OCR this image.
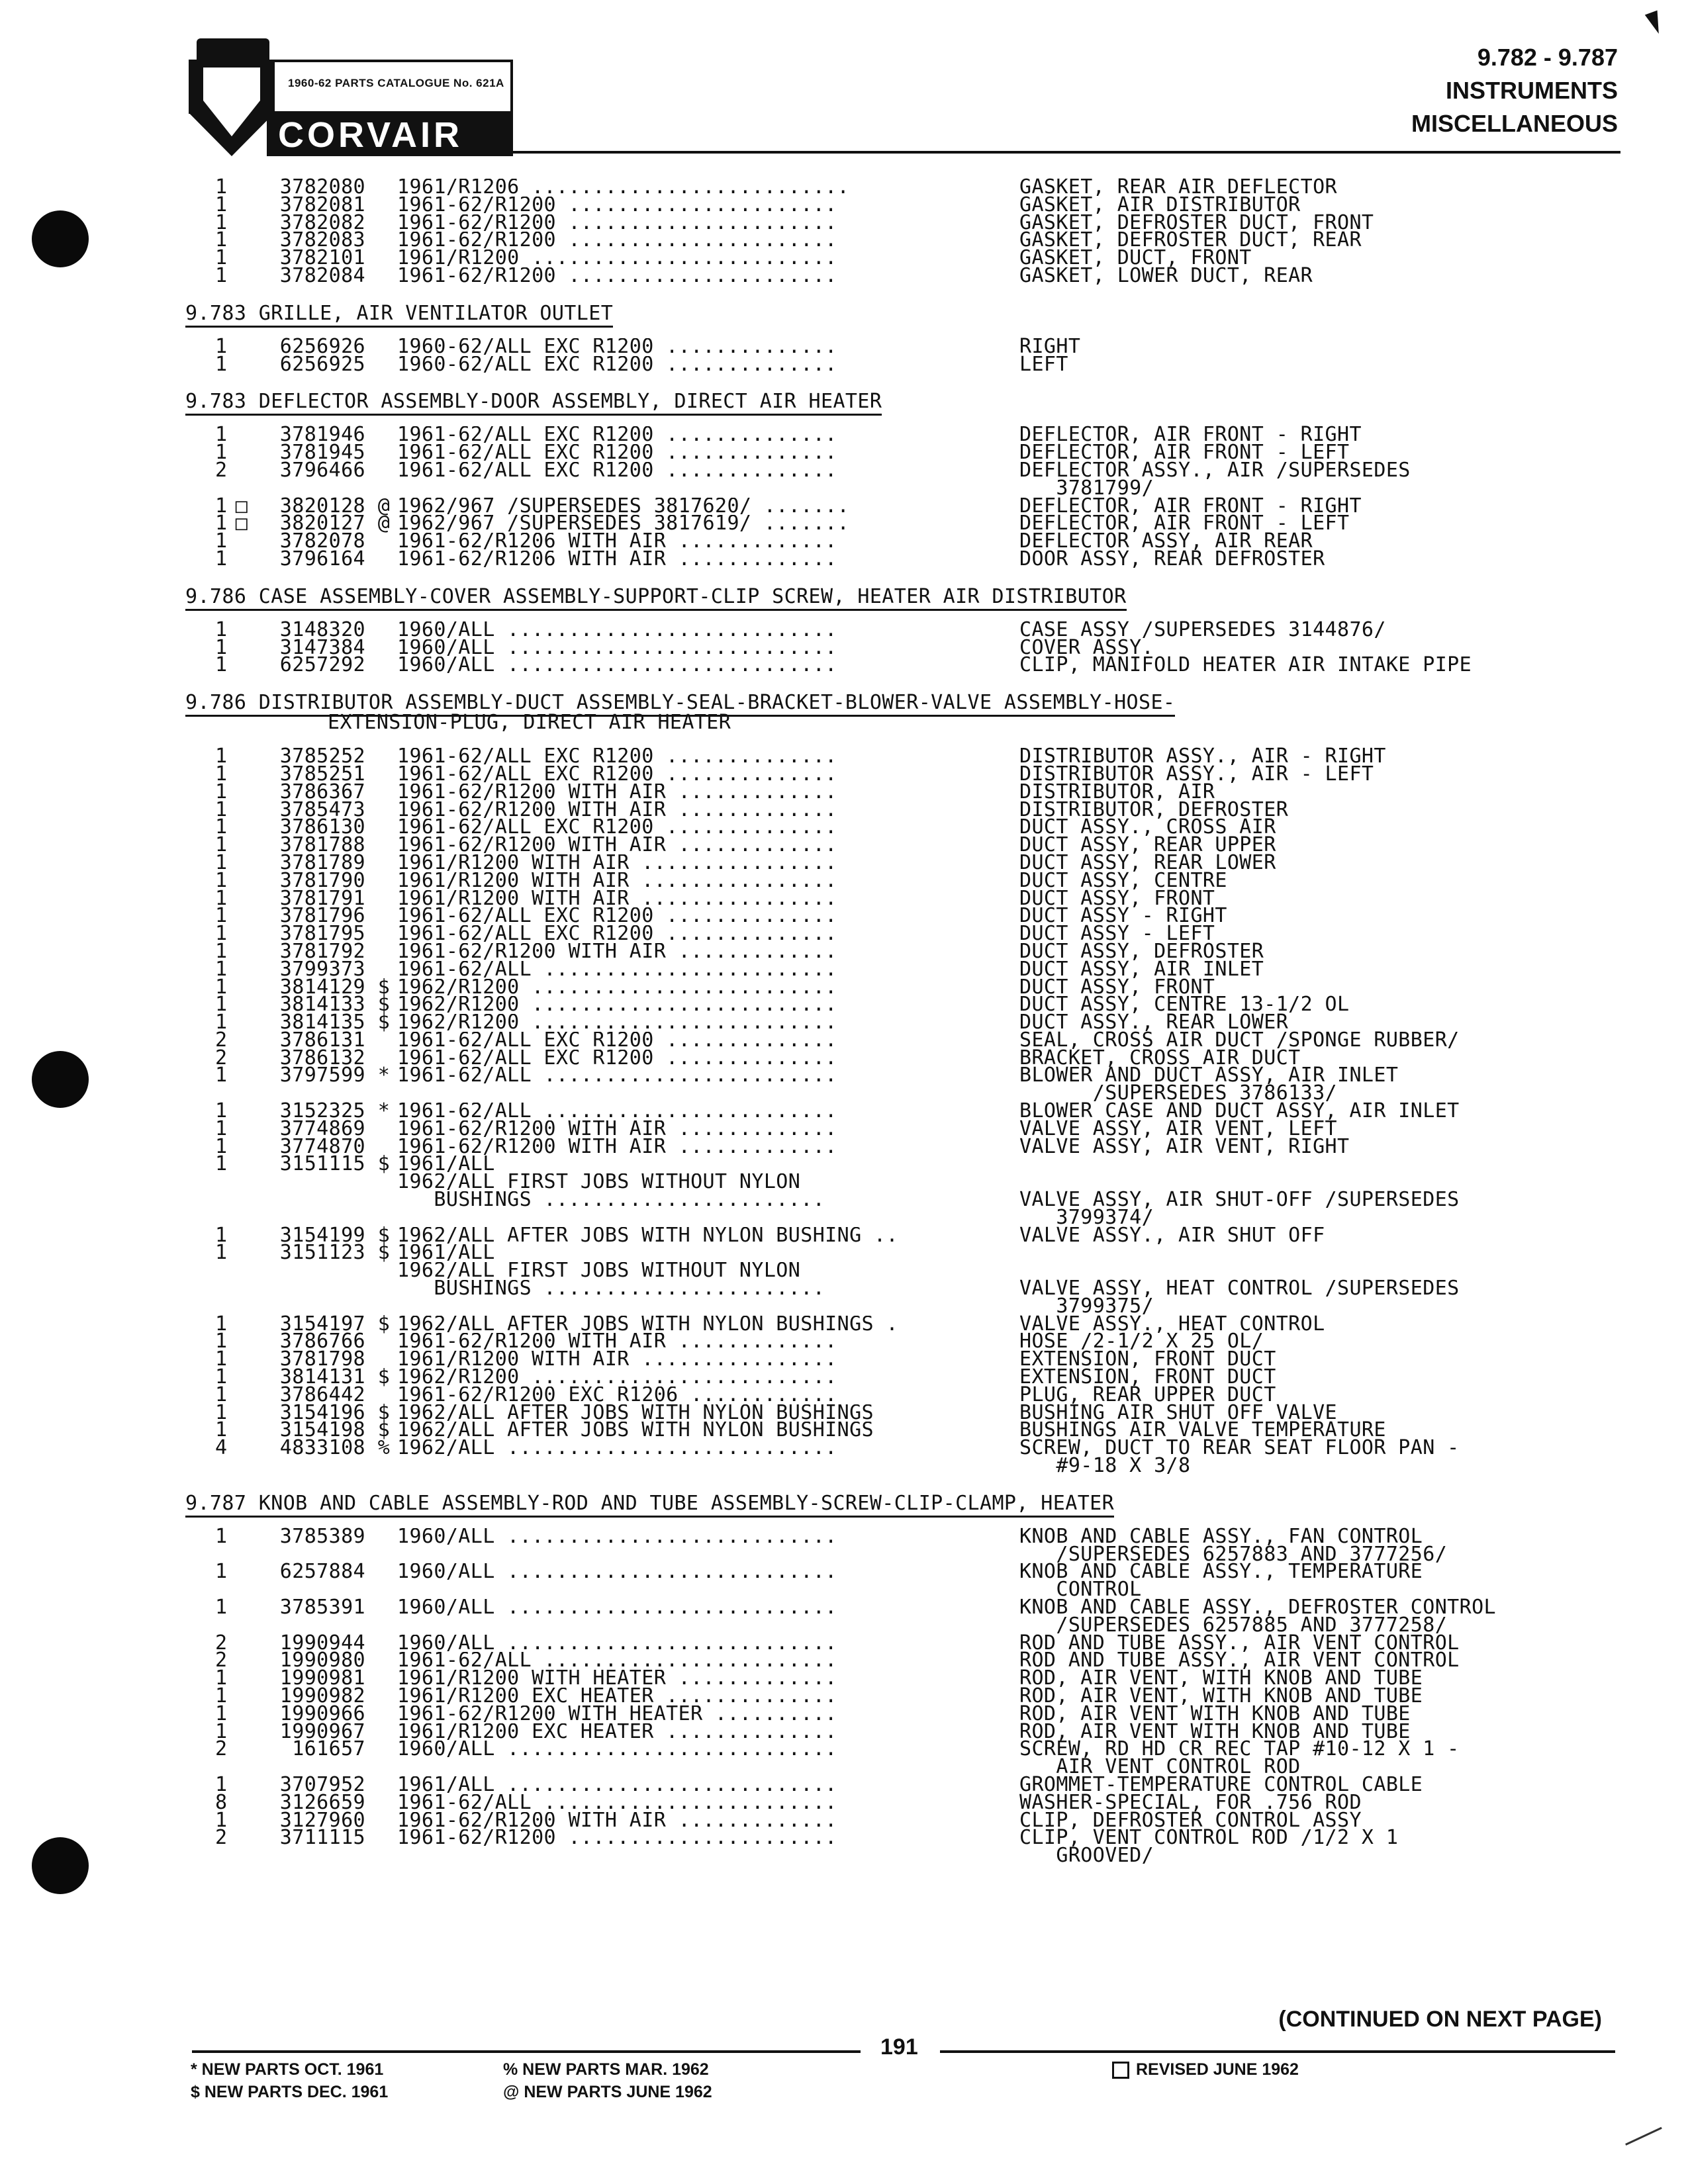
1960-62 PARTS CATALOGUE No. 621A
CORVAIR
9.782 - 9.787
INSTRUMENTS
MISCELLANEOUS
1	3782080 1961/R1206 ..........................	GASKET, REAR AIR DEFLECTOR
1	3782081 1961-62/R1200 ......................	GASKET, AIR DISTRIBUTOR
1	3782082 1961-62/R1200 ......................	GASKET, DEFROSTER DUCT, FRONT
1	3782083 1961-62/R1200 ......................	GASKET, DEFROSTER DUCT, REAR
1	3782101 1961/R1200 .........................	GASKET, DUCT, FRONT
1	3782084 1961-62/R1200 ......................	GASKET, LOWER DUCT, REAR
9.783 GRILLE, AIR VENTILATOR OUTLET
1	6256926 1960-62/ALL EXC R1200 ..............	RIGHT
1	6256925 1960-62/ALL EXC R1200 ..............	LEFT
9.783 DEFLECTOR ASSEMBLY-DOOR ASSEMBLY, DIRECT AIR HEATER
1	3781946 1961-62/ALL EXC R1200 ..............	DEFLECTOR, AIR FRONT - RIGHT
1	3781945 1961-62/ALL EXC R1200 ..............	DEFLECTOR, AIR FRONT - LEFT
2	3796466 1961-62/ALL EXC R1200 ..............	DEFLECTOR ASSY., AIR /SUPERSEDES
3781799/
1 □	3820128 @ 1962/967 /SUPERSEDES 3817620/ .......	DEFLECTOR, AIR FRONT - RIGHT
1 □	3820127 @ 1962/967 /SUPERSEDES 3817619/ .......	DEFLECTOR, AIR FRONT - LEFT
1	3782078 1961-62/R1206 WITH AIR .............	DEFLECTOR ASSY, AIR REAR
1	3796164 1961-62/R1206 WITH AIR .............	DOOR ASSY, REAR DEFROSTER
9.786 CASE ASSEMBLY-COVER ASSEMBLY-SUPPORT-CLIP SCREW, HEATER AIR DISTRIBUTOR
1	3148320 1960/ALL ...........................	CASE ASSY /SUPERSEDES 3144876/
1	3147384 1960/ALL ...........................	COVER ASSY.
1	6257292 1960/ALL ...........................	CLIP, MANIFOLD HEATER AIR INTAKE PIPE
9.786 DISTRIBUTOR ASSEMBLY-DUCT ASSEMBLY-SEAL-BRACKET-BLOWER-VALVE ASSEMBLY-HOSE-
EXTENSION-PLUG, DIRECT AIR HEATER
1	3785252 1961-62/ALL EXC R1200 ..............	DISTRIBUTOR ASSY., AIR - RIGHT
1	3785251 1961-62/ALL EXC R1200 ..............	DISTRIBUTOR ASSY., AIR - LEFT
1	3786367 1961-62/R1200 WITH AIR .............	DISTRIBUTOR, AIR
1	3785473 1961-62/R1200 WITH AIR .............	DISTRIBUTOR, DEFROSTER
1	3786130 1961-62/ALL EXC R1200 ..............	DUCT ASSY., CROSS AIR
1	3781788 1961-62/R1200 WITH AIR .............	DUCT ASSY, REAR UPPER
1	3781789 1961/R1200 WITH AIR ................	DUCT ASSY, REAR LOWER
1	3781790 1961/R1200 WITH AIR ................	DUCT ASSY, CENTRE
1	3781791 1961/R1200 WITH AIR ................	DUCT ASSY, FRONT
1	3781796 1961-62/ALL EXC R1200 ..............	DUCT ASSY - RIGHT
1	3781795 1961-62/ALL EXC R1200 ..............	DUCT ASSY - LEFT
1	3781792 1961-62/R1200 WITH AIR .............	DUCT ASSY, DEFROSTER
1	3799373 1961-62/ALL ........................	DUCT ASSY, AIR INLET
1	3814129 $ 1962/R1200 .........................	DUCT ASSY, FRONT
1	3814133 $ 1962/R1200 .........................	DUCT ASSY, CENTRE 13-1/2 OL
1	3814135 $ 1962/R1200 .........................	DUCT ASSY., REAR LOWER
2	3786131 1961-62/ALL EXC R1200 ..............	SEAL, CROSS AIR DUCT /SPONGE RUBBER/
2	3786132 1961-62/ALL EXC R1200 ..............	BRACKET, CROSS AIR DUCT
1	3797599 * 1961-62/ALL ........................	BLOWER AND DUCT ASSY, AIR INLET
/SUPERSEDES 3786133/
1	3152325 * 1961-62/ALL ........................	BLOWER CASE AND DUCT ASSY, AIR INLET
1	3774869 1961-62/R1200 WITH AIR .............	VALVE ASSY, AIR VENT, LEFT
1	3774870 1961-62/R1200 WITH AIR .............	VALVE ASSY, AIR VENT, RIGHT
1	3151115 $ 1961/ALL
1962/ALL FIRST JOBS WITHOUT NYLON
BUSHINGS .......................	VALVE ASSY, AIR SHUT-OFF /SUPERSEDES
3799374/
1	3154199 $ 1962/ALL AFTER JOBS WITH NYLON BUSHING ..	VALVE ASSY., AIR SHUT OFF
1	3151123 $ 1961/ALL
1962/ALL FIRST JOBS WITHOUT NYLON
BUSHINGS .......................	VALVE ASSY, HEAT CONTROL /SUPERSEDES
3799375/
1	3154197 $ 1962/ALL AFTER JOBS WITH NYLON BUSHINGS .	VALVE ASSY., HEAT CONTROL
1	3786766 1961-62/R1200 WITH AIR .............	HOSE /2-1/2 X 25 OL/
1	3781798 1961/R1200 WITH AIR ................	EXTENSION, FRONT DUCT
1	3814131 $ 1962/R1200 .........................	EXTENSION, FRONT DUCT
1	3786442 1961-62/R1200 EXC R1206 ............	PLUG, REAR UPPER DUCT
1	3154196 $ 1962/ALL AFTER JOBS WITH NYLON BUSHINGS	BUSHING AIR SHUT OFF VALVE
1	3154198 $ 1962/ALL AFTER JOBS WITH NYLON BUSHINGS	BUSHINGS AIR VALVE TEMPERATURE
4	4833108 % 1962/ALL ...........................	SCREW, DUCT TO REAR SEAT FLOOR PAN -
#9-18 X 3/8
9.787 KNOB AND CABLE ASSEMBLY-ROD AND TUBE ASSEMBLY-SCREW-CLIP-CLAMP, HEATER
1	3785389 1960/ALL ...........................	KNOB AND CABLE ASSY., FAN CONTROL
/SUPERSEDES 6257883 AND 3777256/
1	6257884 1960/ALL ...........................	KNOB AND CABLE ASSY., TEMPERATURE
CONTROL
1	3785391 1960/ALL ...........................	KNOB AND CABLE ASSY., DEFROSTER CONTROL
/SUPERSEDES 6257885 AND 3777258/
2	1990944 1960/ALL ...........................	ROD AND TUBE ASSY., AIR VENT CONTROL
2	1990980 1961-62/ALL ........................	ROD AND TUBE ASSY., AIR VENT CONTROL
1	1990981 1961/R1200 WITH HEATER .............	ROD, AIR VENT, WITH KNOB AND TUBE
1	1990982 1961/R1200 EXC HEATER ..............	ROD, AIR VENT, WITH KNOB AND TUBE
1	1990966 1961-62/R1200 WITH HEATER ..........	ROD, AIR VENT WITH KNOB AND TUBE
1	1990967 1961/R1200 EXC HEATER ..............	ROD, AIR VENT WITH KNOB AND TUBE
2	161657 1960/ALL ...........................	SCREW, RD HD CR REC TAP #10-12 X 1 -
AIR VENT CONTROL ROD
1	3707952 1961/ALL ...........................	GROMMET-TEMPERATURE CONTROL CABLE
8	3126659 1961-62/ALL ........................	WASHER-SPECIAL, FOR .756 ROD
1	3127960 1961-62/R1200 WITH AIR .............	CLIP, DEFROSTER CONTROL ASSY
2	3711115 1961-62/R1200 ......................	CLIP, VENT CONTROL ROD /1/2 X 1
GROOVED/
(CONTINUED ON NEXT PAGE)
191
* NEW PARTS OCT. 1961
$ NEW PARTS DEC. 1961
% NEW PARTS MAR. 1962
@ NEW PARTS JUNE 1962
REVISED JUNE 1962
